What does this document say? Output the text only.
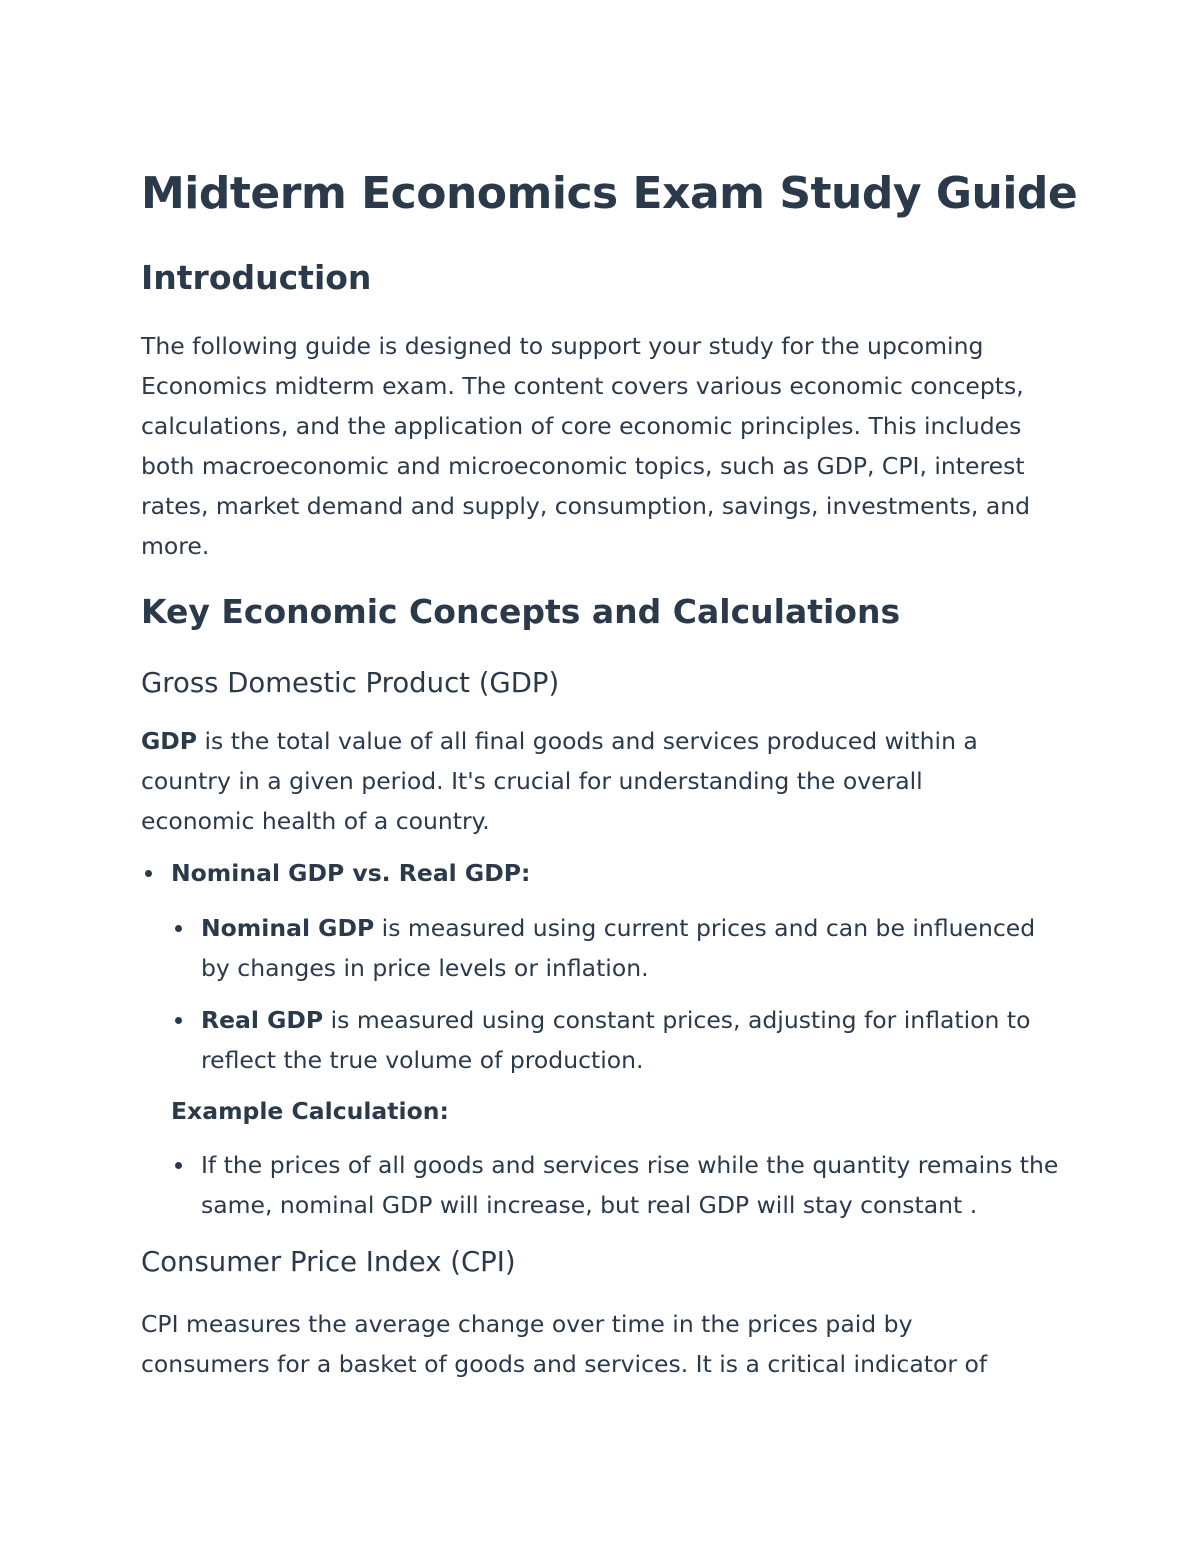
Midterm Economics Exam Study Guide
Introduction

The following guide is designed to support your study for the upcoming Economics midterm exam. The content covers various economic concepts, calculations, and the application of core economic principles. This includes both macroeconomic and microeconomic topics, such as GDP, CPI, interest rates, market demand and supply, consumption, savings, investments, and more.

Key Economic Concepts and Calculations
Gross Domestic Product (GDP)

GDP is the total value of all final goods and services produced within a country in a given period. It's crucial for understanding the overall economic health of a country.

Nominal GDP vs. Real GDP:
Nominal GDP is measured using current prices and can be influenced by changes in price levels or inflation.
Real GDP is measured using constant prices, adjusting for inflation to reflect the true volume of production.
Example Calculation:
If the prices of all goods and services rise while the quantity remains the same, nominal GDP will increase, but real GDP will stay constant .
Consumer Price Index (CPI)

CPI measures the average change over time in the prices paid by consumers for a basket of goods and services. It is a critical indicator of
